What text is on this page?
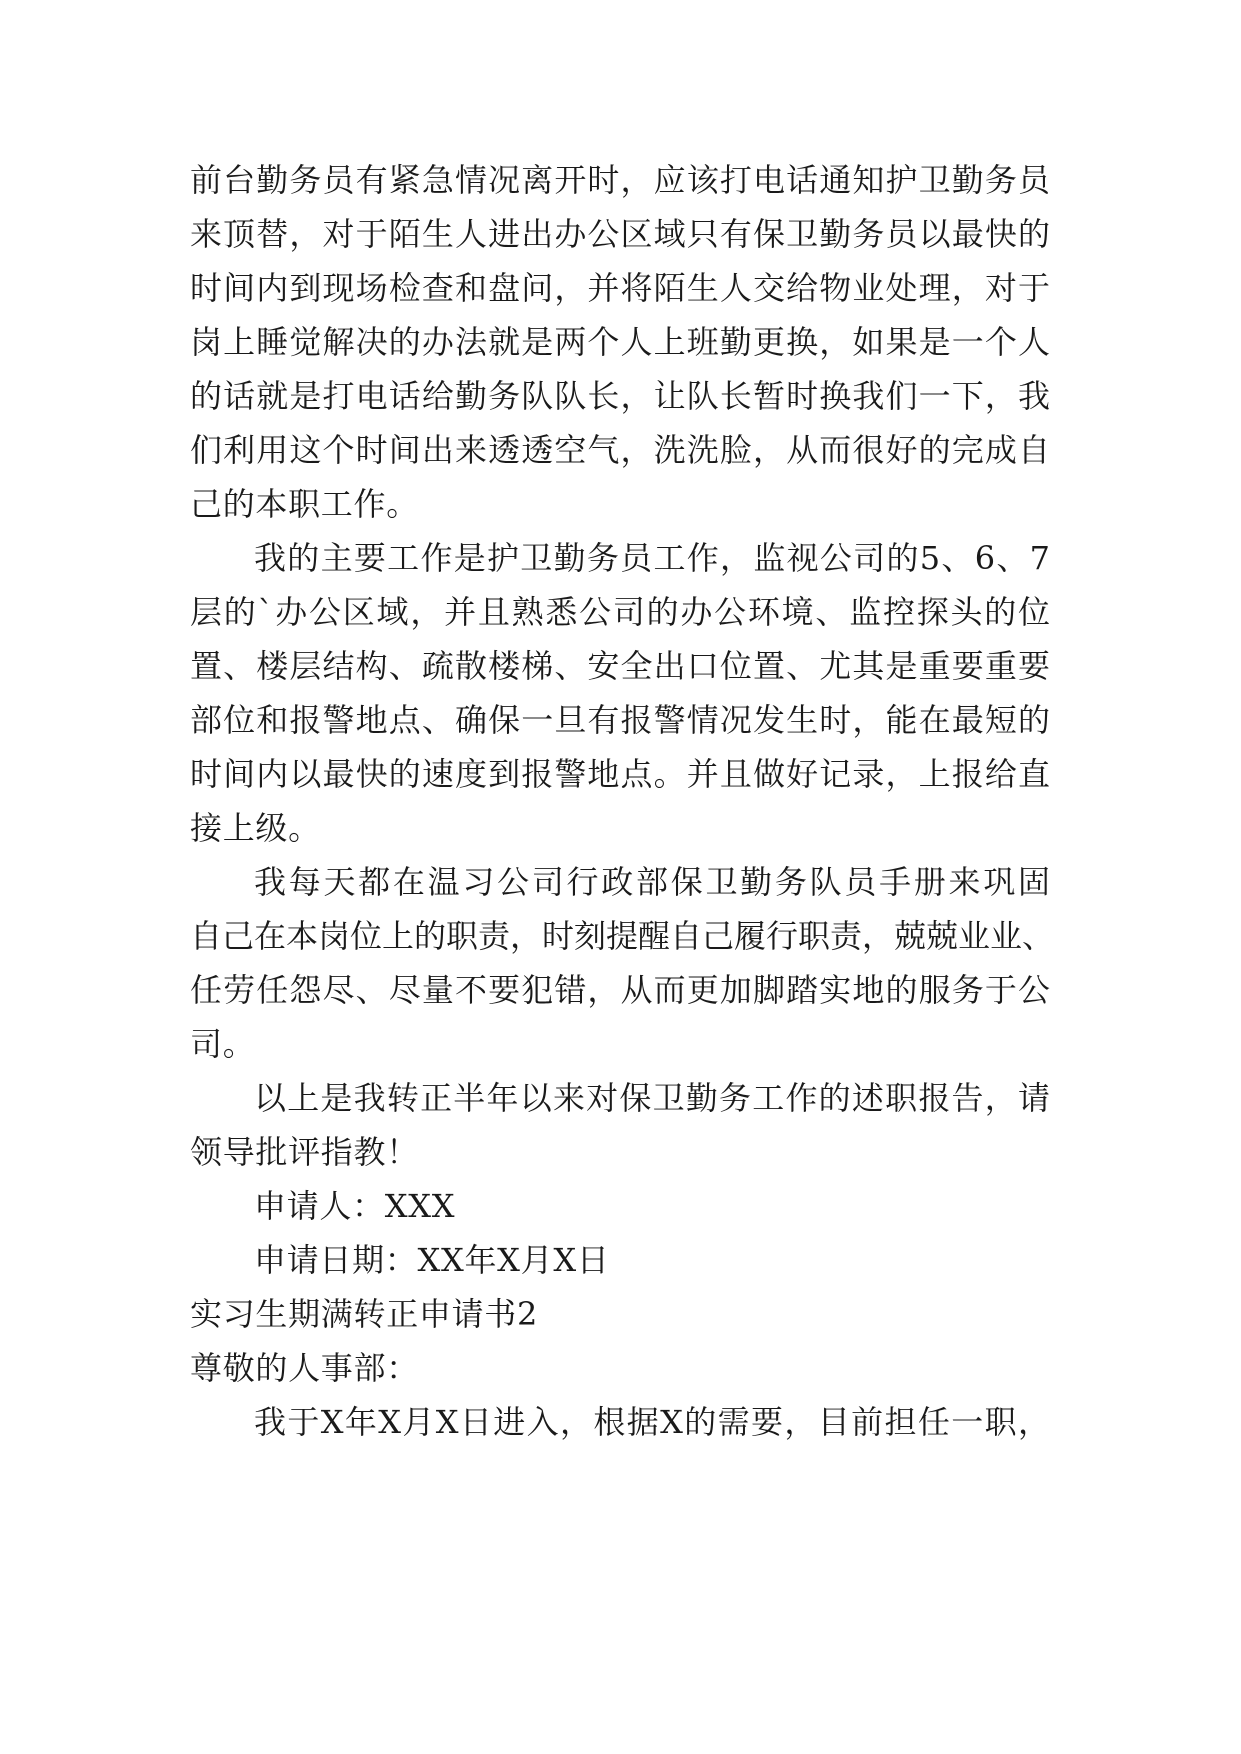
前台勤务员有紧急情况离开时，应该打电话通知护卫勤务员
来顶替，对于陌生人进出办公区域只有保卫勤务员以最快的
时间内到现场检查和盘问，并将陌生人交给物业处理，对于
岗上睡觉解决的办法就是两个人上班勤更换，如果是一个人
的话就是打电话给勤务队队长，让队长暂时换我们一下，我
们利用这个时间出来透透空气，洗洗脸，从而很好的完成自
己的本职工作。
我的主要工作是护卫勤务员工作，监视公司的5、6、7
层的`办公区域，并且熟悉公司的办公环境、监控探头的位
置、楼层结构、疏散楼梯、安全出口位置、尤其是重要重要
部位和报警地点、确保一旦有报警情况发生时，能在最短的
时间内以最快的速度到报警地点。并且做好记录，上报给直
接上级。
我每天都在温习公司行政部保卫勤务队员手册来巩固
自己在本岗位上的职责，时刻提醒自己履行职责，兢兢业业、
任劳任怨尽、尽量不要犯错，从而更加脚踏实地的服务于公
司。
以上是我转正半年以来对保卫勤务工作的述职报告，请
领导批评指教！
申请人：XXX
申请日期：XX年X月X日
实习生期满转正申请书2
尊敬的人事部：
我于X年X月X日进入，根据X的需要，目前担任一职，
